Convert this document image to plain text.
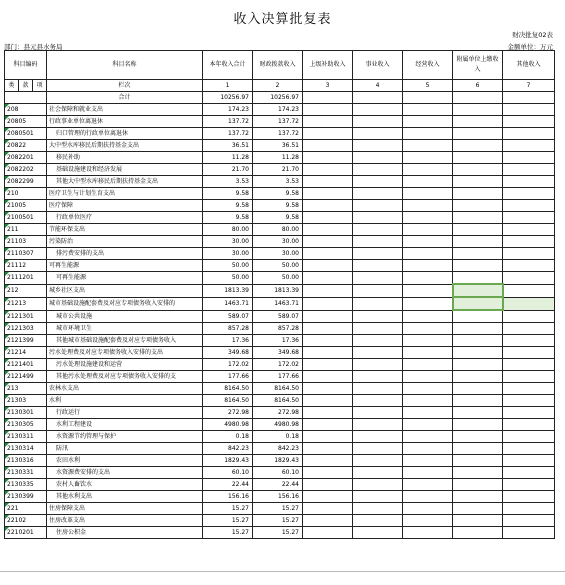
收入决算批复表
财决批复02表
部门：县元县水务局	金额单位：万元
科目编码			科目名称	本年收入合计	财政拨款收入	上级补助收入	事业收入	经营收入	附属单位上缴收入	其他收入
类	款	项	栏次	1	2	3	4	5	6	7
			合计	10256.97	10256.97					
208			社会保障和就业支出	174.23	174.23					
20805			行政事业单位离退休	137.72	137.72					
2080501			归口管理的行政单位离退休	137.72	137.72					
20822			大中型水库移民后期扶持基金支出	36.51	36.51					
2082201			移民补助	11.28	11.28					
2082202			基础设施建设和经济发展	21.70	21.70					
2082299			其他大中型水库移民后期扶持基金支出	3.53	3.53					
210			医疗卫生与计划生育支出	9.58	9.58					
21005			医疗保障	9.58	9.58					
2100501			行政单位医疗	9.58	9.58					
211			节能环保支出	80.00	80.00					
21103			污染防治	30.00	30.00					
2110307			排污费安排的支出	30.00	30.00					
21112			可再生能源	50.00	50.00					
2111201			可再生能源	50.00	50.00					
212			城乡社区支出	1813.39	1813.39					
21213			城市基础设施配套费及对应专项债务收入安排的	1463.71	1463.71					
2121301			城市公共设施	589.07	589.07					
2121303			城市环境卫生	857.28	857.28					
2121399			其他城市基础设施配套费及对应专项债务收入	17.36	17.36					
21214			污水处理费及对应专项债务收入安排的支出	349.68	349.68					
2121401			污水处理设施建设和运营	172.02	172.02					
2121499			其他污水处理费及对应专项债务收入安排的支	177.66	177.66					
213			农林水支出	8164.50	8164.50					
21303			水利	8164.50	8164.50					
2130301			行政运行	272.98	272.98					
2130305			水利工程建设	4980.98	4980.98					
2130311			水资源节约管理与保护	0.18	0.18					
2130314			防汛	842.23	842.23					
2130316			农田水利	1829.43	1829.43					
2130331			水资源费安排的支出	60.10	60.10					
2130335			农村人畜饮水	22.44	22.44					
2130399			其他水利支出	156.16	156.16					
221			住房保障支出	15.27	15.27					
22102			住房改革支出	15.27	15.27					
2210201			住房公积金	15.27	15.27					
